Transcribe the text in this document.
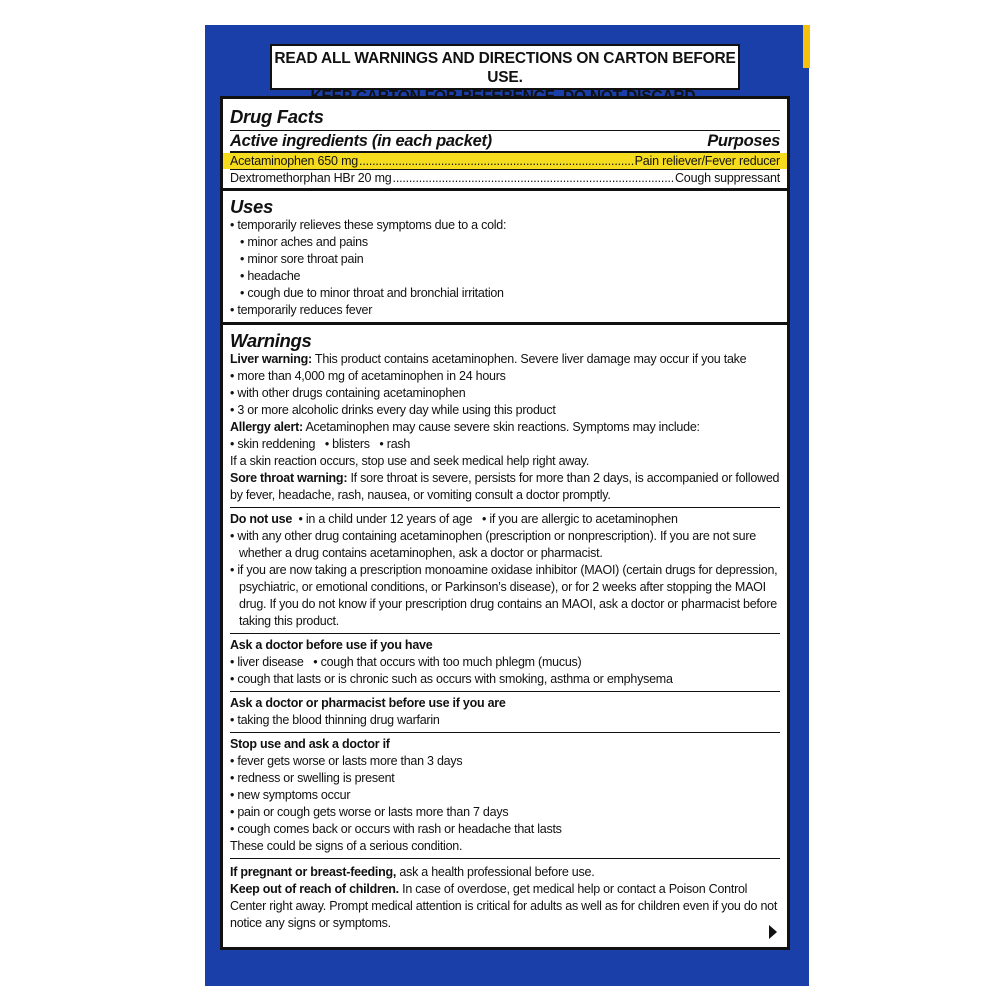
READ ALL WARNINGS AND DIRECTIONS ON CARTON BEFORE USE.
Drug Facts
Active ingredients (in each packet)	Purposes
Acetaminophen 650 mg .....	Pain reliever/Fever reducer
Dextromethorphan HBr 20 mg .....	Cough suppressant
Uses
• temporarily relieves these symptoms due to a cold:
• minor aches and pains
• minor sore throat pain
• headache
• cough due to minor throat and bronchial irritation
• temporarily reduces fever
Warnings
Liver warning: This product contains acetaminophen. Severe liver damage may occur if you take
• more than 4,000 mg of acetaminophen in 24 hours
• with other drugs containing acetaminophen
• 3 or more alcoholic drinks every day while using this product
Allergy alert: Acetaminophen may cause severe skin reactions. Symptoms may include:
• skin reddening   • blisters   • rash
If a skin reaction occurs, stop use and seek medical help right away.
Sore throat warning: If sore throat is severe, persists for more than 2 days, is accompanied or followed by fever, headache, rash, nausea, or vomiting consult a doctor promptly.
Do not use  • in a child under 12 years of age   • if you are allergic to acetaminophen
• with any other drug containing acetaminophen (prescription or nonprescription). If you are not sure whether a drug contains acetaminophen, ask a doctor or pharmacist.
• if you are now taking a prescription monoamine oxidase inhibitor (MAOI) (certain drugs for depression, psychiatric, or emotional conditions, or Parkinson’s disease), or for 2 weeks after stopping the MAOI drug. If you do not know if your prescription drug contains an MAOI, ask a doctor or pharmacist before taking this product.
Ask a doctor before use if you have
• liver disease   • cough that occurs with too much phlegm (mucus)
• cough that lasts or is chronic such as occurs with smoking, asthma or emphysema
Ask a doctor or pharmacist before use if you are
• taking the blood thinning drug warfarin
Stop use and ask a doctor if
• fever gets worse or lasts more than 3 days
• redness or swelling is present
• new symptoms occur
• pain or cough gets worse or lasts more than 7 days
• cough comes back or occurs with rash or headache that lasts
These could be signs of a serious condition.
If pregnant or breast-feeding, ask a health professional before use.
Keep out of reach of children. In case of overdose, get medical help or contact a Poison Control Center right away. Prompt medical attention is critical for adults as well as for children even if you do not notice any signs or symptoms.
